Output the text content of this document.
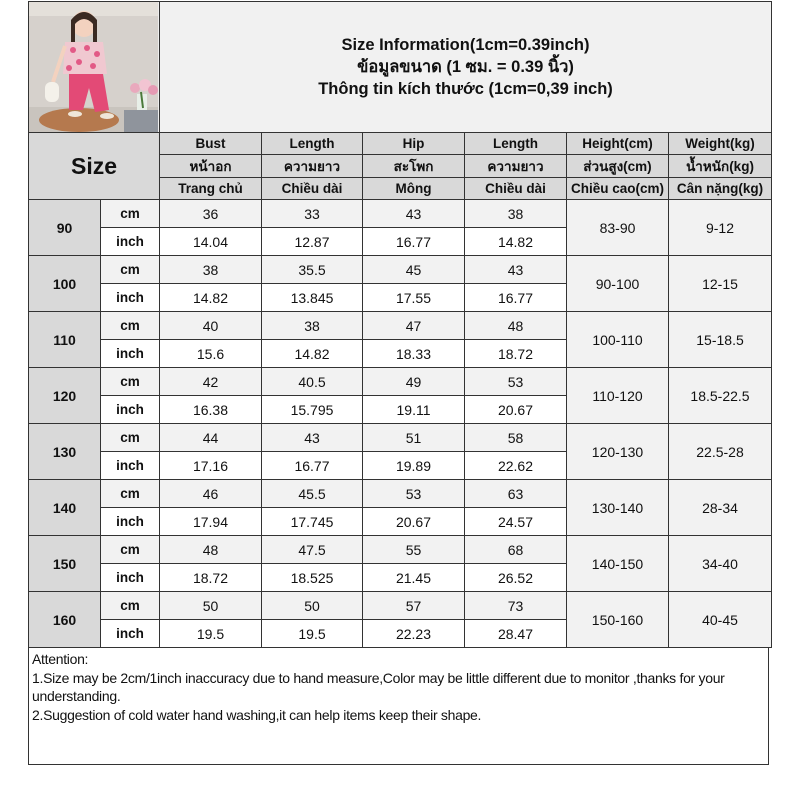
Size Information(1cm=0.39inch)
ข้อมูลขนาด (1 ซม. = 0.39 นิ้ว)
Thông tin kích thước (1cm=0,39 inch)					

Size		Bust	Length	Hip	Length	Height(cm)	Weight(kg)
		หน้าอก	ความยาว	สะโพก	ความยาว	ส่วนสูง(cm)	น้ำหนัก(kg)
		Trang chủ	Chiều dài	Mông	Chiều dài	Chiều cao(cm)	Cân nặng(kg)
90	cm	36	33	43	38	83-90	9-12
	inch	14.04	12.87	16.77	14.82		
100	cm	38	35.5	45	43	90-100	12-15
	inch	14.82	13.845	17.55	16.77		
110	cm	40	38	47	48	100-110	15-18.5
	inch	15.6	14.82	18.33	18.72		
120	cm	42	40.5	49	53	110-120	18.5-22.5
	inch	16.38	15.795	19.11	20.67		
130	cm	44	43	51	58	120-130	22.5-28
	inch	17.16	16.77	19.89	22.62		
140	cm	46	45.5	53	63	130-140	28-34
	inch	17.94	17.745	20.67	24.57		
150	cm	48	47.5	55	68	140-150	34-40
	inch	18.72	18.525	21.45	26.52		
160	cm	50	50	57	73	150-160	40-45
	inch	19.5	19.5	22.23	28.47		
Attention:
1.Size may be 2cm/1inch inaccuracy due to hand measure,Color may be little different due to monitor ,thanks for your understanding.
2.Suggestion of cold water hand washing,it can help items keep their shape.
